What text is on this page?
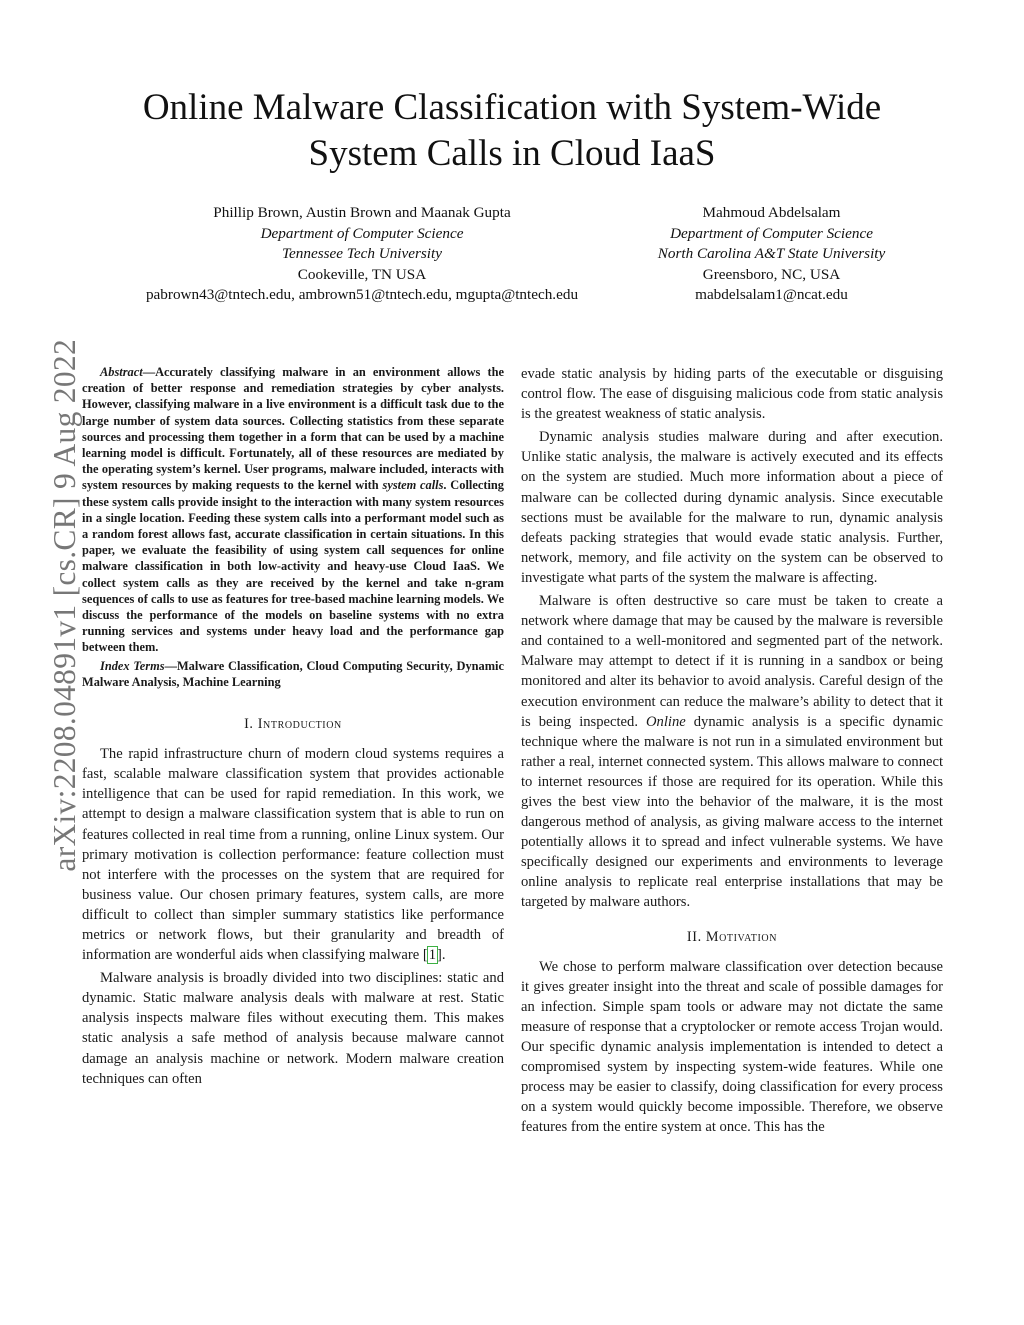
arXiv:2208.04891v1 [cs.CR] 9 Aug 2022
Online Malware Classification with System-Wide
System Calls in Cloud IaaS
Phillip Brown, Austin Brown and Maanak Gupta
Department of Computer Science
Tennessee Tech University
Cookeville, TN USA
pabrown43@tntech.edu, ambrown51@tntech.edu, mgupta@tntech.edu
Mahmoud Abdelsalam
Department of Computer Science
North Carolina A&T State University
Greensboro, NC, USA
mabdelsalam1@ncat.edu

Abstract—Accurately classifying malware in an environment allows the creation of better response and remediation strategies by cyber analysts. However, classifying malware in a live environment is a difficult task due to the large number of system data sources. Collecting statistics from these separate sources and processing them together in a form that can be used by a machine learning model is difficult. Fortunately, all of these resources are mediated by the operating system’s kernel. User programs, malware included, interacts with system resources by making requests to the kernel with system calls. Collecting these system calls provide insight to the interaction with many system resources in a single location. Feeding these system calls into a performant model such as a random forest allows fast, accurate classification in certain situations. In this paper, we evaluate the feasibility of using system call sequences for online malware classification in both low-activity and heavy-use Cloud IaaS. We collect system calls as they are received by the kernel and take n-gram sequences of calls to use as features for tree-based machine learning models. We discuss the performance of the models on baseline systems with no extra running services and systems under heavy load and the performance gap between them.

Index Terms—Malware Classification, Cloud Computing Security, Dynamic Malware Analysis, Machine Learning

I. Introduction

The rapid infrastructure churn of modern cloud systems requires a fast, scalable malware classification system that provides actionable intelligence that can be used for rapid remediation. In this work, we attempt to design a malware classification system that is able to run on features collected in real time from a running, online Linux system. Our primary motivation is collection performance: feature collection must not interfere with the processes on the system that are required for business value. Our chosen primary features, system calls, are more difficult to collect than simpler summary statistics like performance metrics or network flows, but their granularity and breadth of information are wonderful aids when classifying malware [1].

Malware analysis is broadly divided into two disciplines: static and dynamic. Static malware analysis deals with malware at rest. Static analysis inspects malware files without executing them. This makes static analysis a safe method of analysis because malware cannot damage an analysis machine or network. Modern malware creation techniques can often

evade static analysis by hiding parts of the executable or disguising control flow. The ease of disguising malicious code from static analysis is the greatest weakness of static analysis.

Dynamic analysis studies malware during and after execution. Unlike static analysis, the malware is actively executed and its effects on the system are studied. Much more information about a piece of malware can be collected during dynamic analysis. Since executable sections must be available for the malware to run, dynamic analysis defeats packing strategies that would evade static analysis. Further, network, memory, and file activity on the system can be observed to investigate what parts of the system the malware is affecting.

Malware is often destructive so care must be taken to create a network where damage that may be caused by the malware is reversible and contained to a well-monitored and segmented part of the network. Malware may attempt to detect if it is running in a sandbox or being monitored and alter its behavior to avoid analysis. Careful design of the execution environment can reduce the malware’s ability to detect that it is being inspected. Online dynamic analysis is a specific dynamic technique where the malware is not run in a simulated environment but rather a real, internet connected system. This allows malware to connect to internet resources if those are required for its operation. While this gives the best view into the behavior of the malware, it is the most dangerous method of analysis, as giving malware access to the internet potentially allows it to spread and infect vulnerable systems. We have specifically designed our experiments and environments to leverage online analysis to replicate real enterprise installations that may be targeted by malware authors.

II. Motivation

We chose to perform malware classification over detection because it gives greater insight into the threat and scale of possible damages for an infection. Simple spam tools or adware may not dictate the same measure of response that a cryptolocker or remote access Trojan would. Our specific dynamic analysis implementation is intended to detect a compromised system by inspecting system-wide features. While one process may be easier to classify, doing classification for every process on a system would quickly become impossible. Therefore, we observe features from the entire system at once. This has the
